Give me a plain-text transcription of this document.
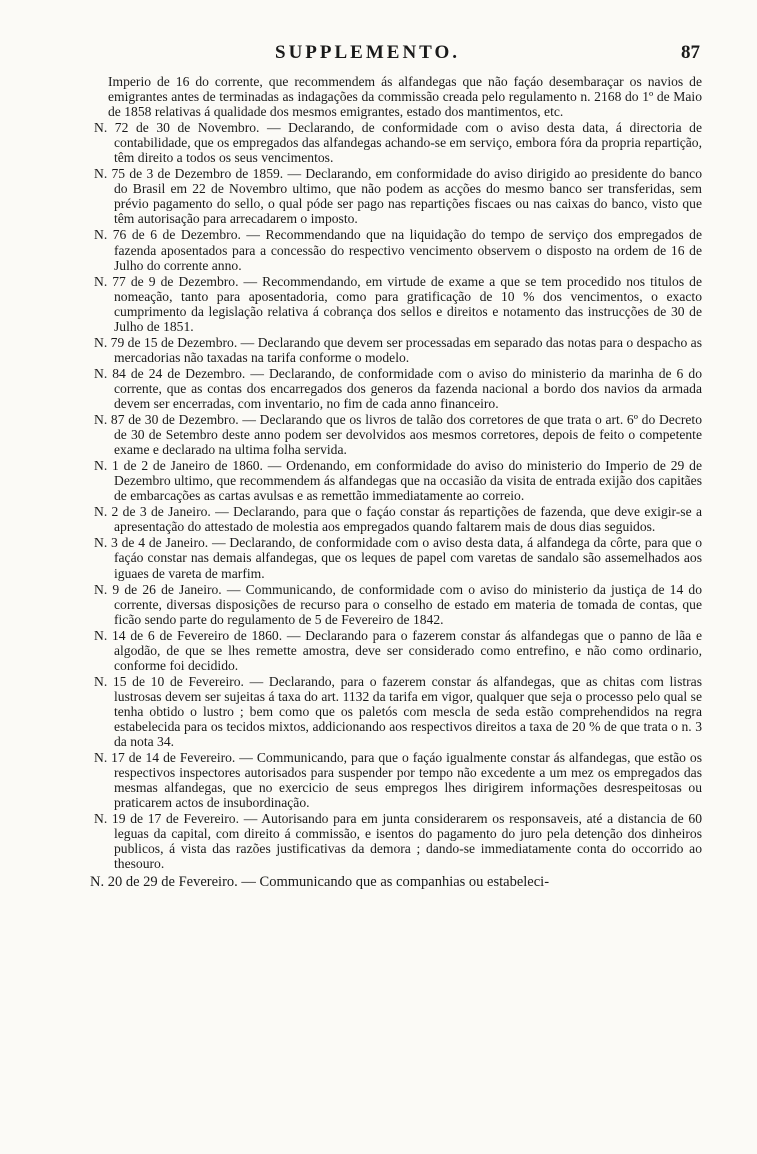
SUPPLEMENTO.	87

Imperio de 16 do corrente, que recommendem ás alfandegas que não façáo desembaraçar os navios de emigrantes antes de terminadas as indagações da commissão creada pelo regulamento n. 2168 do 1º de Maio de 1858 relativas á qualidade dos mesmos emigrantes, estado dos mantimentos, etc.

N. 72 de 30 de Novembro. — Declarando, de conformidade com o aviso desta data, á directoria de contabilidade, que os empregados das alfandegas achando-se em serviço, embora fóra da propria repartição, têm direito a todos os seus vencimentos.

N. 75 de 3 de Dezembro de 1859. — Declarando, em conformidade do aviso dirigido ao presidente do banco do Brasil em 22 de Novembro ultimo, que não podem as acções do mesmo banco ser transferidas, sem prévio pagamento do sello, o qual póde ser pago nas repartições fiscaes ou nas caixas do banco, visto que têm autorisação para arrecadarem o imposto.

N. 76 de 6 de Dezembro. — Recommendando que na liquidação do tempo de serviço dos empregados de fazenda aposentados para a concessão do respectivo vencimento observem o disposto na ordem de 16 de Julho do corrente anno.

N. 77 de 9 de Dezembro. — Recommendando, em virtude de exame a que se tem procedido nos titulos de nomeação, tanto para aposentadoria, como para gratificação de 10 % dos vencimentos, o exacto cumprimento da legislação relativa á cobrança dos sellos e direitos e notamento das instrucções de 30 de Julho de 1851.

N. 79 de 15 de Dezembro. — Declarando que devem ser processadas em separado das notas para o despacho as mercadorias não taxadas na tarifa conforme o modelo.

N. 84 de 24 de Dezembro. — Declarando, de conformidade com o aviso do ministerio da marinha de 6 do corrente, que as contas dos encarregados dos generos da fazenda nacional a bordo dos navios da armada devem ser encerradas, com inventario, no fim de cada anno financeiro.

N. 87 de 30 de Dezembro. — Declarando que os livros de talão dos corretores de que trata o art. 6º do Decreto de 30 de Setembro deste anno podem ser devolvidos aos mesmos corretores, depois de feito o competente exame e declarado na ultima folha servida.

N. 1 de 2 de Janeiro de 1860. — Ordenando, em conformidade do aviso do ministerio do Imperio de 29 de Dezembro ultimo, que recommendem ás alfandegas que na occasião da visita de entrada exijão dos capitães de embarcações as cartas avulsas e as remettão immediatamente ao correio.

N. 2 de 3 de Janeiro. — Declarando, para que o façáo constar ás repartições de fazenda, que deve exigir-se a apresentação do attestado de molestia aos empregados quando faltarem mais de dous dias seguidos.

N. 3 de 4 de Janeiro. — Declarando, de conformidade com o aviso desta data, á alfandega da côrte, para que o façáo constar nas demais alfandegas, que os leques de papel com varetas de sandalo são assemelhados aos iguaes de vareta de marfim.

N. 9 de 26 de Janeiro. — Communicando, de conformidade com o aviso do ministerio da justiça de 14 do corrente, diversas disposições de recurso para o conselho de estado em materia de tomada de contas, que ficão sendo parte do regulamento de 5 de Fevereiro de 1842.

N. 14 de 6 de Fevereiro de 1860. — Declarando para o fazerem constar ás alfandegas que o panno de lãa e algodão, de que se lhes remette amostra, deve ser considerado como entrefino, e não como ordinario, conforme foi decidido.

N. 15 de 10 de Fevereiro. — Declarando, para o fazerem constar ás alfandegas, que as chitas com listras lustrosas devem ser sujeitas á taxa do art. 1132 da tarifa em vigor, qualquer que seja o processo pelo qual se tenha obtido o lustro ; bem como que os paletós com mescla de seda estão comprehendidos na regra estabelecida para os tecidos mixtos, addicionando aos respectivos direitos a taxa de 20 % de que trata o n. 3 da nota 34.

N. 17 de 14 de Fevereiro. — Communicando, para que o façáo igualmente constar ás alfandegas, que estão os respectivos inspectores autorisados para suspender por tempo não excedente a um mez os empregados das mesmas alfandegas, que no exercicio de seus empregos lhes dirigirem informações desrespeitosas ou praticarem actos de insubordinação.

N. 19 de 17 de Fevereiro. — Autorisando para em junta considerarem os responsaveis, até a distancia de 60 leguas da capital, com direito á commissão, e isentos do pagamento do juro pela detenção dos dinheiros publicos, á vista das razões justificativas da demora ; dando-se immediatamente conta do occorrido ao thesouro.

N. 20 de 29 de Fevereiro. — Communicando que as companhias ou estabeleci-
